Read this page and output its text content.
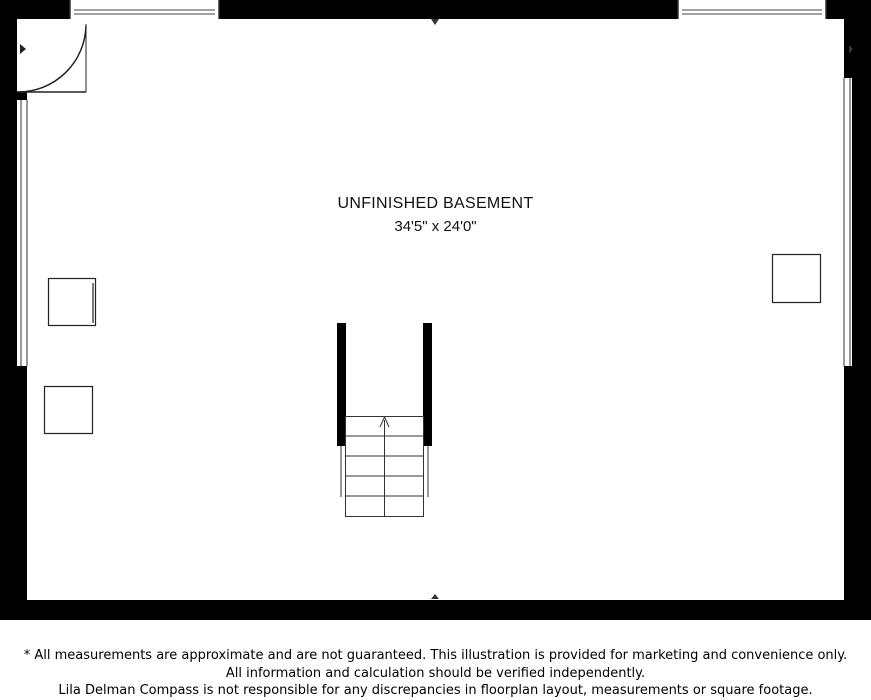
UNFINISHED BASEMENT
34'5" x 24'0"
* All measurements are approximate and are not guaranteed. This illustration is provided for marketing and convenience only.
All information and calculation should be verified independently.
Lila Delman Compass is not responsible for any discrepancies in floorplan layout, measurements or square footage.
